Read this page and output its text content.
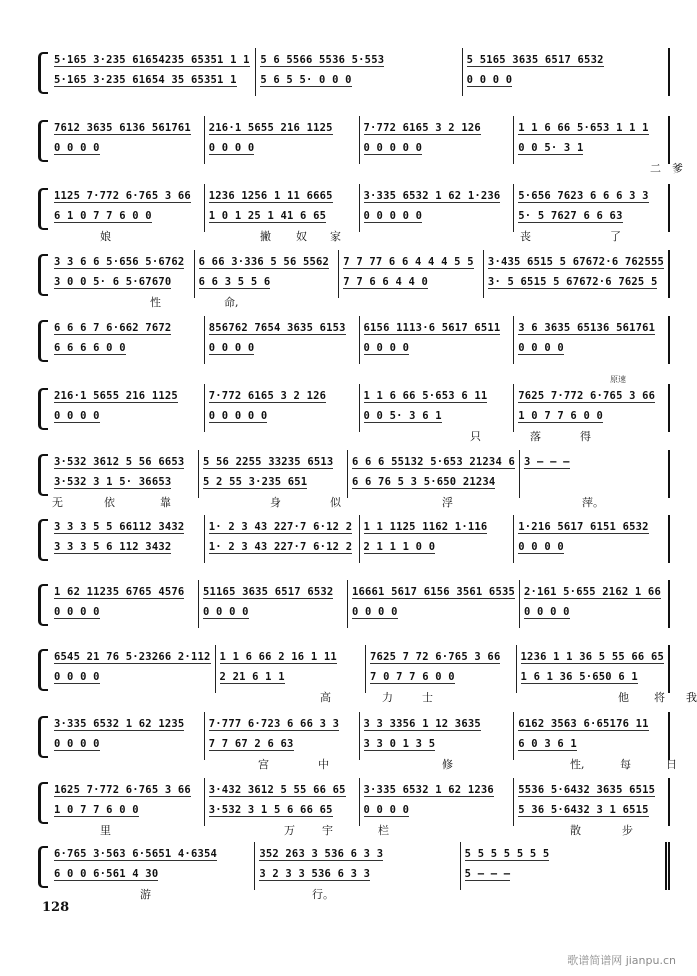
5·165 3·235 61654235 65351 1 1
5·165 3·235 61654 35 65351 1
5 6 5566 5536 5·553
5 6 5 5· 0 0 0
5 5165 3635 6517 6532
0 0 0 0
7612 3635 6136 561761
0 0 0 0
216·1 5655 216 1125
0 0 0 0
7·772 6165 3 2 126
0 0 0 0 0
1 1 6 66 5·653 1 1 1
0 0 5· 3 1
二 爹
1125 7·772 6·765 3 66
6 1 0 7 7 6 0 0
1236 1256 1 11 6665
1 0 1 25 1 41 6 65
3·335 6532 1 62 1·236
0 0 0 0 0
5·656 7623 6 6 6 3 3
5· 5 7627 6 6 63
娘	撇 奴 家	丧	了
3 3 6 6 5·656 5·6762
3 0 0 5· 6 5·67670
6 66 3·336 5 56 5562
6 6 3 5 5 6
7 7 77 6 6 4 4 4 5 5
7 7 6 6 4 4 0
3·435 6515 5 67672·6 762555
3· 5 6515 5 67672·6 7625 5
性	命,
6 6 6 7 6·662 7672
6 6 6 6 0 0
856762 7654 3635 6153
0 0 0 0
6156 1113·6 5617 6511
0 0 0 0
3 6 3635 65136 561761
0 0 0 0
216·1 5655 216 1125
0 0 0 0
7·772 6165 3 2 126
0 0 0 0 0
1 1 6 66 5·653 6 11
0 0 5· 3 6 1
7625 7·772 6·765 3 66
1 0 7 7 6 0 0
只	落	得
原速
3·532 3612 5 56 6653
3·532 3 1 5· 36653
5 56 2255 33235 6513
5 2 55 3·235 651
6 6 6 55132 5·653 21234 6
6 6 76 5 3 5·650 21234
3 — — —
无	依	靠	身	似	浮	萍。
3 3 3 5 5 66112 3432
3 3 3 5 6 112 3432
1· 2 3 43 227·7 6·12 2
1· 2 3 43 227·7 6·12 2
1 1 1125 1162 1·116
2 1 1 1 0 0
1·216 5617 6151 6532
0 0 0 0
1 62 11235 6765 4576
0 0 0 0
51165 3635 6517 6532
0 0 0 0
16661 5617 6156 3561 6535
0 0 0 0
2·161 5·655 2162 1 66
0 0 0 0
6545 21 76 5·23266 2·112
0 0 0 0
1 1 6 66 2 16 1 11
2 21 6 1 1
7625 7 72 6·765 3 66
7 0 7 7 6 0 0
1236 1 1 36 5 55 66 65
1 6 1 36 5·650 6 1
高	力	士	他 将 我
3·335 6532 1 62 1235
0 0 0 0
7·777 6·723 6 66 3 3
7 7 67 2 6 63
3 3 3356 1 12 3635
3 3 0 1 3 5
6162 3563 6·65176 11
6 0 3 6 1
宫	中	修	性,	每	日
1625 7·772 6·765 3 66
1 0 7 7 6 0 0
3·432 3612 5 55 66 65
3·532 3 1 5 6 66 65
3·335 6532 1 62 1236
0 0 0 0
5536 5·6432 3635 6515
5 36 5·6432 3 1 6515
里	万 宇	栏	散	步
6·765 3·563 6·5651 4·6354
6 0 0 6·561 4 30
352 263 3 536 6 3 3
3 2 3 3 536 6 3 3
5 5 5 5 5 5 5
5 — — —
游	行。
128
歌谱简谱网 jianpu.cn
